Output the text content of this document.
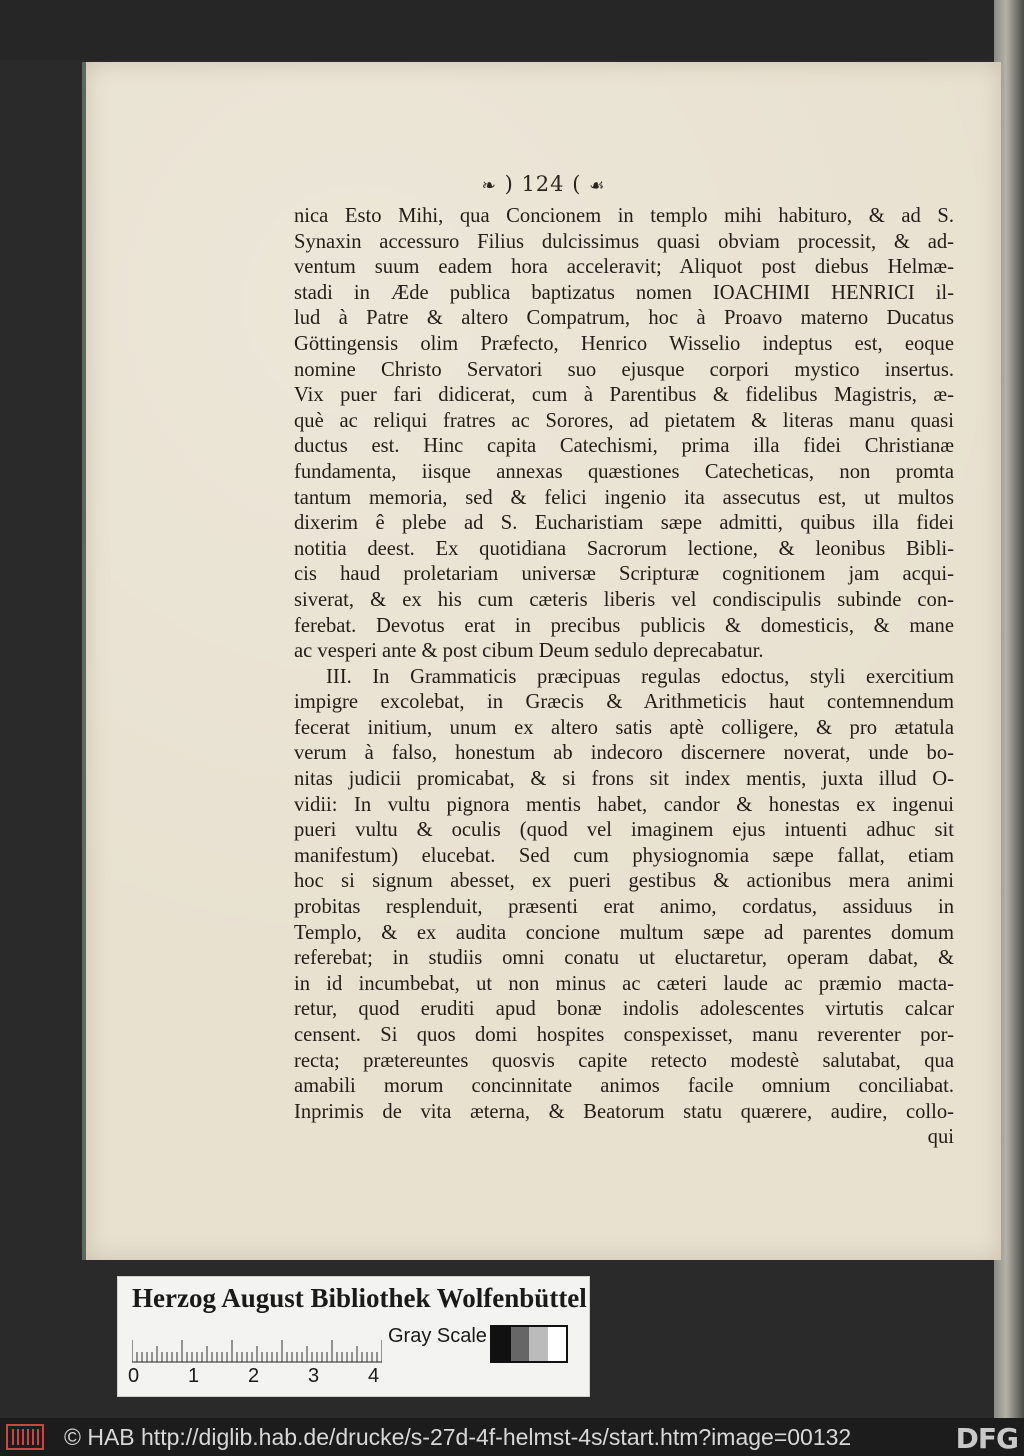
❧ ) 124 ( ☙
nica Esto Mihi, qua Concionem in templo mihi habituro, & ad S.
Synaxin accessuro Filius dulcissimus quasi obviam processit, & ad-
ventum suum eadem hora acceleravit; Aliquot post diebus Helmæ-
stadi in Æde publica baptizatus nomen IOACHIMI HENRICI il-
lud à Patre & altero Compatrum, hoc à Proavo materno Ducatus
Göttingensis olim Præfecto, Henrico Wisselio indeptus est, eoque
nomine Christo Servatori suo ejusque corpori mystico insertus.
Vix puer fari didicerat, cum à Parentibus & fidelibus Magistris, æ-
què ac reliqui fratres ac Sorores, ad pietatem & literas manu quasi
ductus est. Hinc capita Catechismi, prima illa fidei Christianæ
fundamenta, iisque annexas quæstiones Catecheticas, non promta
tantum memoria, sed & felici ingenio ita assecutus est, ut multos
dixerim ê plebe ad S. Eucharistiam sæpe admitti, quibus illa fidei
notitia deest. Ex quotidiana Sacrorum lectione, & leonibus Bibli-
cis haud proletariam universæ Scripturæ cognitionem jam acqui-
siverat, & ex his cum cæteris liberis vel condiscipulis subinde con-
ferebat. Devotus erat in precibus publicis & domesticis, & mane
ac vesperi ante & post cibum Deum sedulo deprecabatur.
III. In Grammaticis præcipuas regulas edoctus, styli exercitium
impigre excolebat, in Græcis & Arithmeticis haut contemnendum
fecerat initium, unum ex altero satis aptè colligere, & pro ætatula
verum à falso, honestum ab indecoro discernere noverat, unde bo-
nitas judicii promicabat, & si frons sit index mentis, juxta illud O-
vidii: In vultu pignora mentis habet, candor & honestas ex ingenui
pueri vultu & oculis (quod vel imaginem ejus intuenti adhuc sit
manifestum) elucebat. Sed cum physiognomia sæpe fallat, etiam
hoc si signum abesset, ex pueri gestibus & actionibus mera animi
probitas resplenduit, præsenti erat animo, cordatus, assiduus in
Templo, & ex audita concione multum sæpe ad parentes domum
referebat; in studiis omni conatu ut eluctaretur, operam dabat, &
in id incumbebat, ut non minus ac cæteri laude ac præmio macta-
retur, quod eruditi apud bonæ indolis adolescentes virtutis calcar
censent. Si quos domi hospites conspexisset, manu reverenter por-
recta; prætereuntes quosvis capite retecto modestè salutabat, qua
amabili morum concinnitate animos facile omnium conciliabat.
Inprimis de vita æterna, & Beatorum statu quærere, audire, collo-
qui
Herzog August Bibliothek Wolfenbüttel
0 1 2 3 4
Gray Scale
© HAB http://diglib.hab.de/drucke/s-27d-4f-helmst-4s/start.htm?image=00132	DFG
